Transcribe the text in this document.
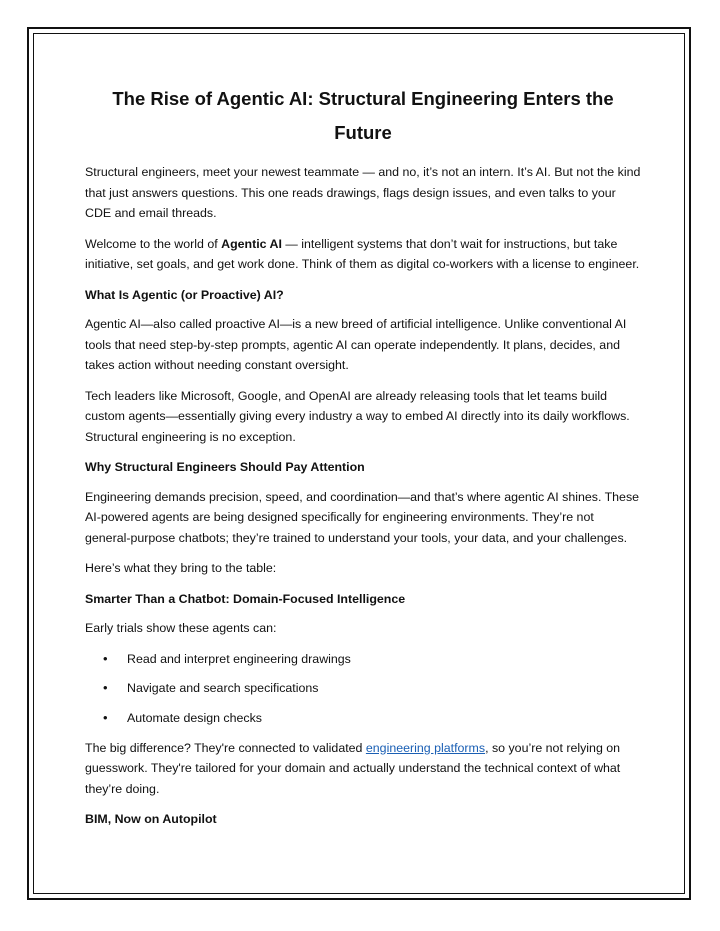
The Rise of Agentic AI: Structural Engineering Enters the Future

Structural engineers, meet your newest teammate — and no, it’s not an intern. It’s AI. But not the kind that just answers questions. This one reads drawings, flags design issues, and even talks to your CDE and email threads.

Welcome to the world of Agentic AI — intelligent systems that don’t wait for instructions, but take initiative, set goals, and get work done. Think of them as digital co-workers with a license to engineer.

What Is Agentic (or Proactive) AI?

Agentic AI—also called proactive AI—is a new breed of artificial intelligence. Unlike conventional AI tools that need step-by-step prompts, agentic AI can operate independently. It plans, decides, and takes action without needing constant oversight.

Tech leaders like Microsoft, Google, and OpenAI are already releasing tools that let teams build custom agents—essentially giving every industry a way to embed AI directly into its daily workflows. Structural engineering is no exception.

Why Structural Engineers Should Pay Attention

Engineering demands precision, speed, and coordination—and that’s where agentic AI shines. These AI-powered agents are being designed specifically for engineering environments. They’re not general-purpose chatbots; they’re trained to understand your tools, your data, and your challenges.

Here’s what they bring to the table:

Smarter Than a Chatbot: Domain-Focused Intelligence

Early trials show these agents can:

• Read and interpret engineering drawings
• Navigate and search specifications
• Automate design checks

The big difference? They're connected to validated engineering platforms, so you’re not relying on guesswork. They're tailored for your domain and actually understand the technical context of what they’re doing.

BIM, Now on Autopilot
